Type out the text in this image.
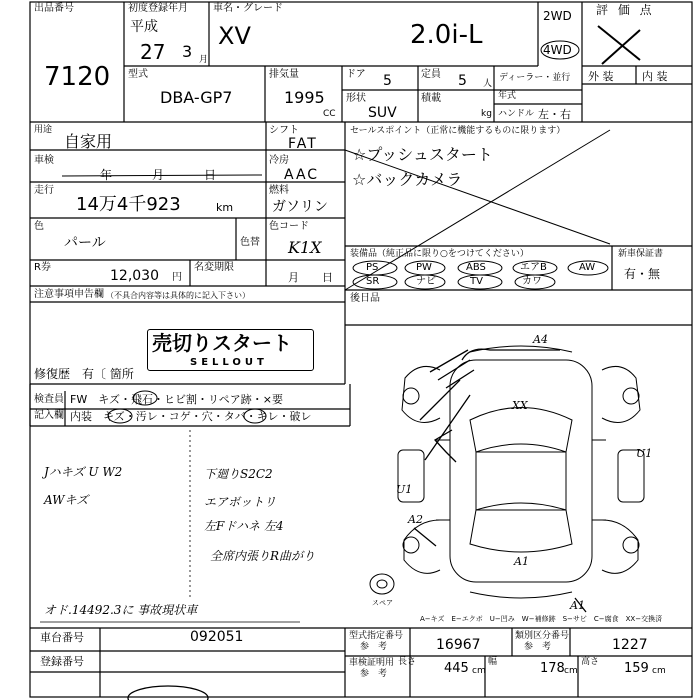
出品番号
7120
初度登録年月
平成
27 3 月
車名・グレード
XV	2.0i-L
2WD
4WD
評 価 点
外 装	内 装
型式
DBA-GP7
排気量
1995
CC
ドア 5	定員 5 人
ディーラー・並行
形状
SUV
積載
kg
年式
ハンドル 左・右
用途
自家用
車検
年　月　日
走行
14万4千923	km
色
パール	色替
R券
12,030 円
名変期限
月　日
シフト
FAT
冷房
AAC
燃料
ガソリン
色コード
K1X
注意事項申告欄 （不具合内容等は具体的に記入下さい）
売切りスタート
SELLOUT
修復歴 有〔 箇所
セールスポイント（正常に機能するものに限ります）
☆プッシュスタート
☆バックカメラ
装備品（純正品に限り○をつけてください）
PS	PW	ABS	エアB	AW
SR	ナビ	TV	カワ
新車保証書
有・無
後日品
検査員
記入欄
FW　キズ・飛石・ヒビ割・リペア跡・×要
内装　キズ・汚レ・コゲ・穴・タバ・キレ・破レ
Jハキズ U W2
AWキズ
下廻りS2C2
エアボットリ
左Fドハネ 左4
全席内張りR曲がり
オド.14492.3に 事故現状車
A4
XX
U1
U1
A2
A1
A1
スペア
A−キズ　E−エクボ　U−凹み　W−補修跡　S−サビ　C−腐食　XX−交換済
車台番号	092051
登録番号
型式指定番号
参　考	16967
類別区分番号
参　考	1227
車検証明用
参　考
長さ 445 cm
幅	178 cm
高さ 159 cm
